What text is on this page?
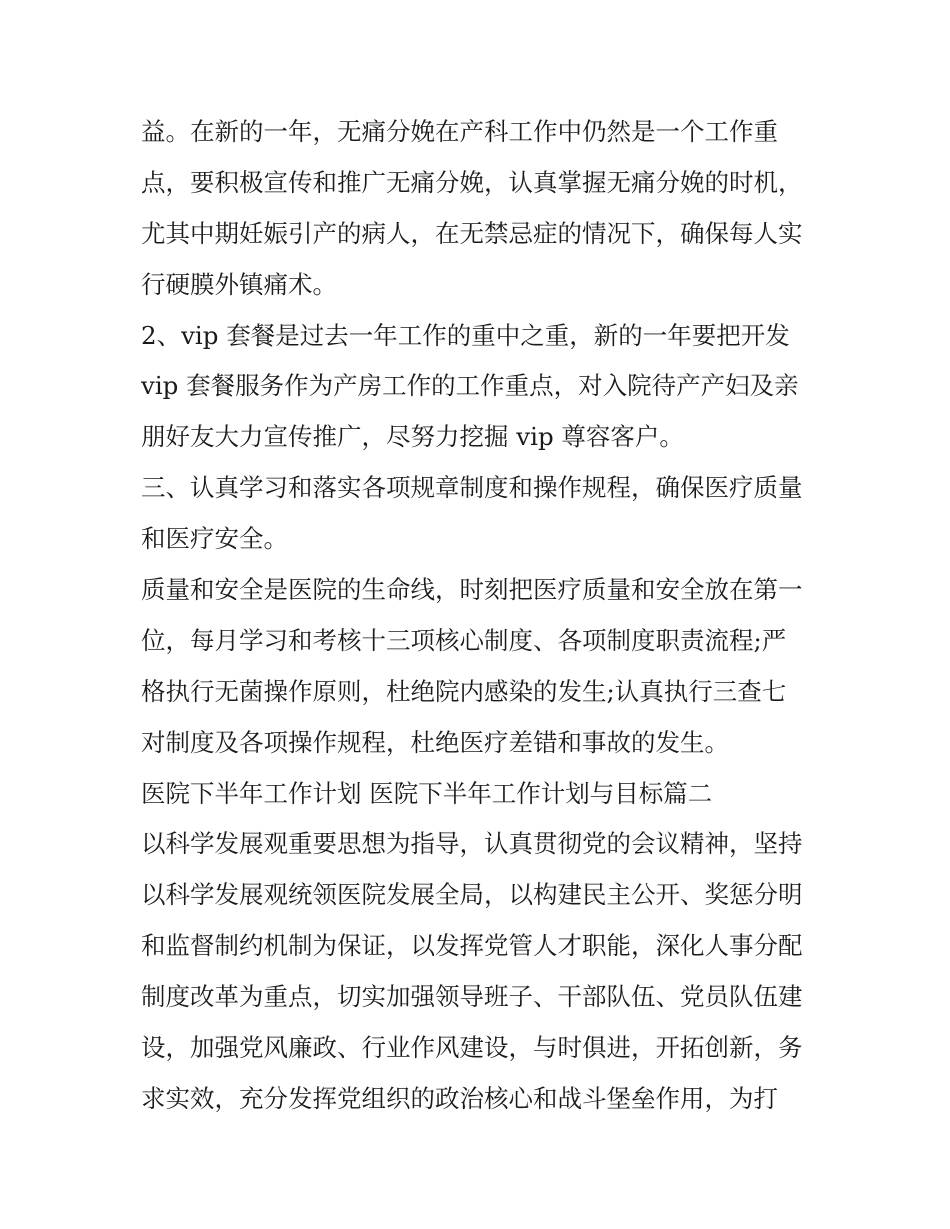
益。在新的一年，无痛分娩在产科工作中仍然是一个工作重
点，要积极宣传和推广无痛分娩，认真掌握无痛分娩的时机，
尤其中期妊娠引产的病人，在无禁忌症的情况下，确保每人实
行硬膜外镇痛术。
2、vip 套餐是过去一年工作的重中之重，新的一年要把开发
vip 套餐服务作为产房工作的工作重点，对入院待产产妇及亲
朋好友大力宣传推广，尽努力挖掘 vip 尊容客户。
三、认真学习和落实各项规章制度和操作规程，确保医疗质量
和医疗安全。
质量和安全是医院的生命线，时刻把医疗质量和安全放在第一
位，每月学习和考核十三项核心制度、各项制度职责流程;严
格执行无菌操作原则，杜绝院内感染的发生;认真执行三查七
对制度及各项操作规程，杜绝医疗差错和事故的发生。
医院下半年工作计划 医院下半年工作计划与目标篇二
以科学发展观重要思想为指导，认真贯彻党的会议精神，坚持
以科学发展观统领医院发展全局，以构建民主公开、奖惩分明
和监督制约机制为保证，以发挥党管人才职能，深化人事分配
制度改革为重点，切实加强领导班子、干部队伍、党员队伍建
设，加强党风廉政、行业作风建设，与时俱进，开拓创新，务
求实效，充分发挥党组织的政治核心和战斗堡垒作用，为打
